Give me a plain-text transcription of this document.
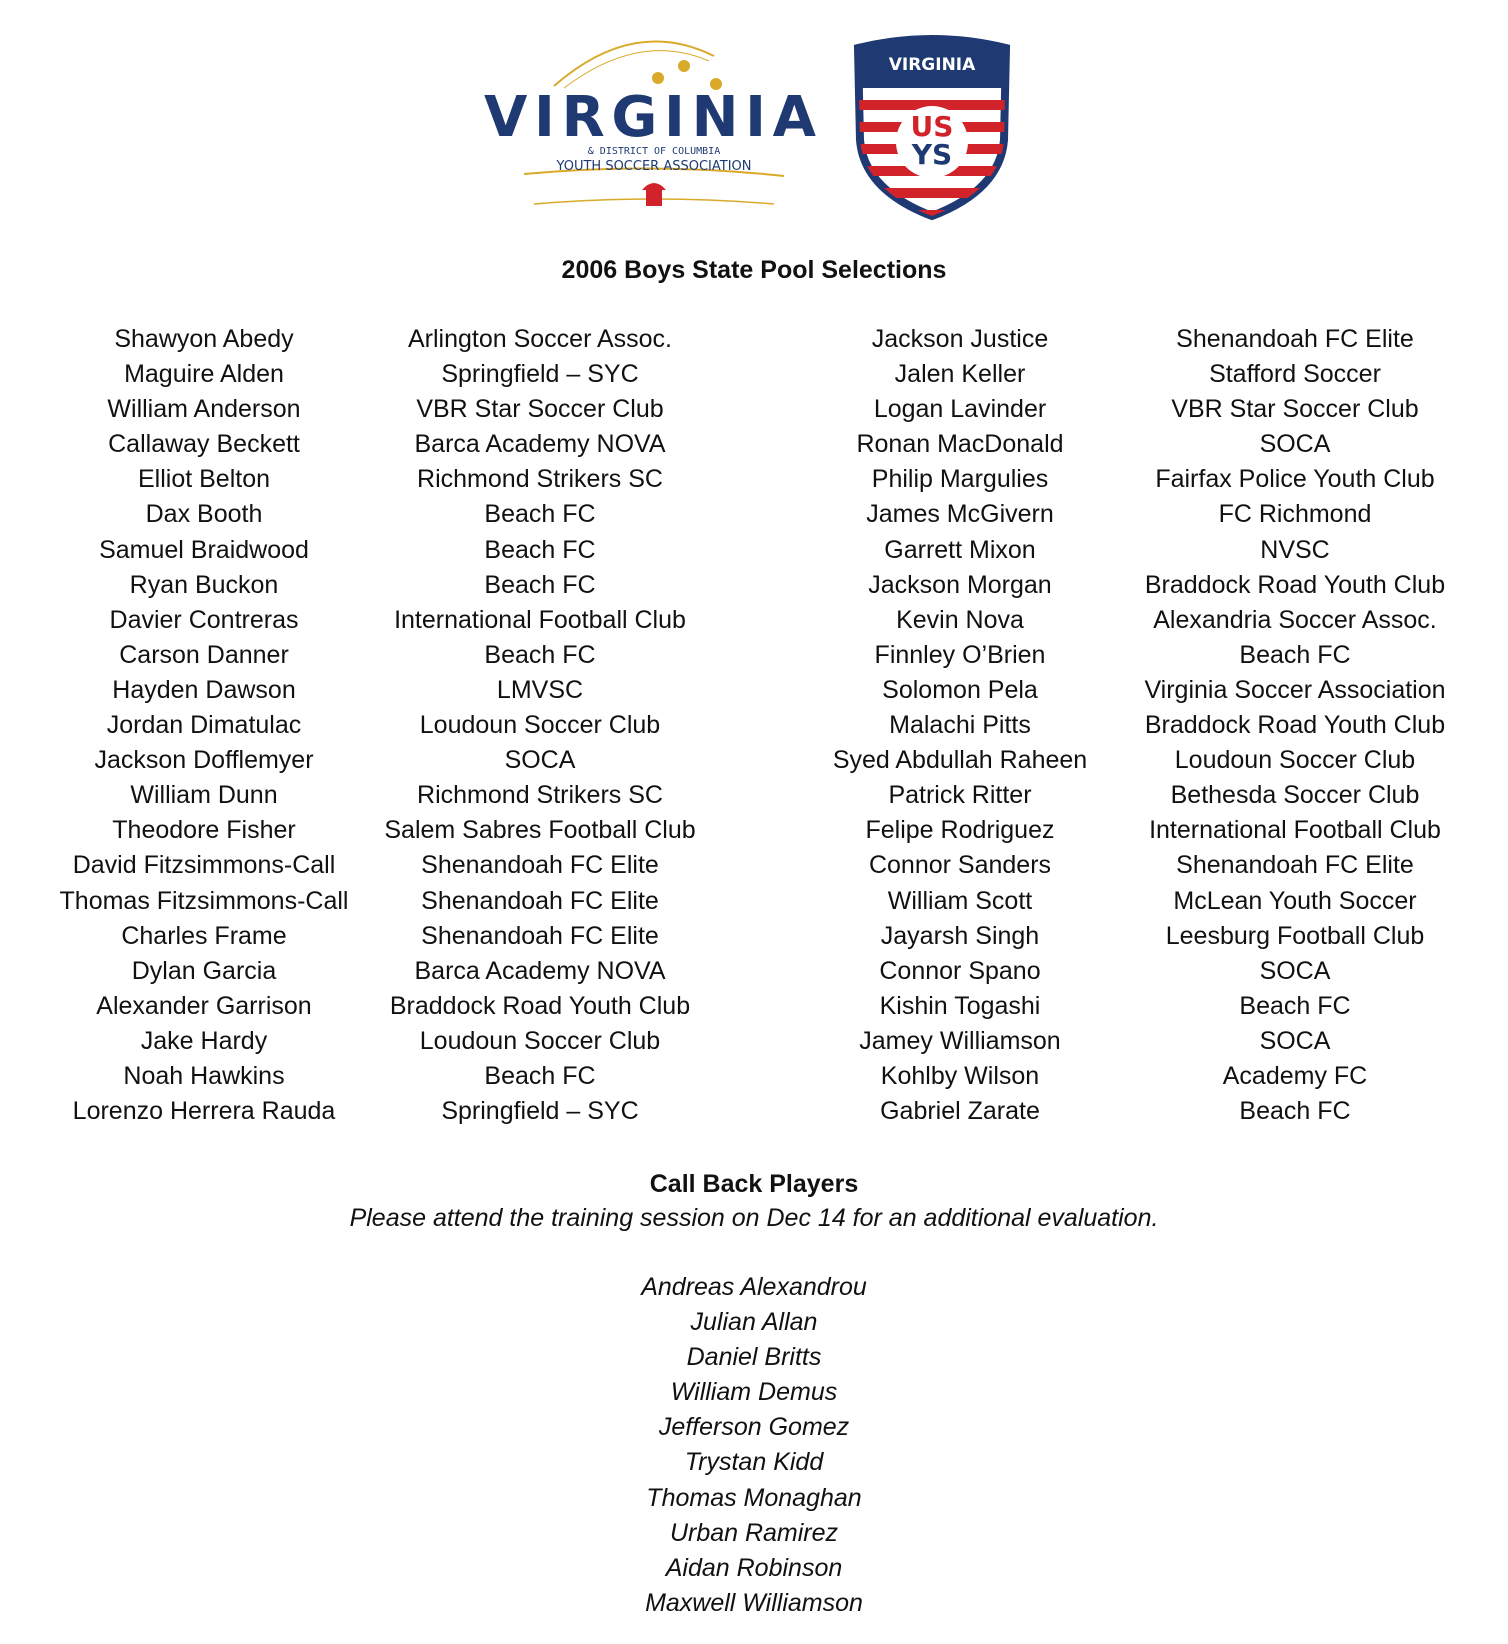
VIRGINIA
& DISTRICT OF COLUMBIA
YOUTH SOCCER ASSOCIATION
VIRGINIA
US
YS
2006 Boys State Pool Selections
Shawyon Abedy	Arlington Soccer Assoc.	Jackson Justice	Shenandoah FC Elite
Maguire Alden	Springfield – SYC	Jalen Keller	Stafford Soccer
William Anderson	VBR Star Soccer Club	Logan Lavinder	VBR Star Soccer Club
Callaway Beckett	Barca Academy NOVA	Ronan MacDonald	SOCA
Elliot Belton	Richmond Strikers SC	Philip Margulies	Fairfax Police Youth Club
Dax Booth	Beach FC	James McGivern	FC Richmond
Samuel Braidwood	Beach FC	Garrett Mixon	NVSC
Ryan Buckon	Beach FC	Jackson Morgan	Braddock Road Youth Club
Davier Contreras	International Football Club	Kevin Nova	Alexandria Soccer Assoc.
Carson Danner	Beach FC	Finnley O’Brien	Beach FC
Hayden Dawson	LMVSC	Solomon Pela	Virginia Soccer Association
Jordan Dimatulac	Loudoun Soccer Club	Malachi Pitts	Braddock Road Youth Club
Jackson Dofflemyer	SOCA	Syed Abdullah Raheen	Loudoun Soccer Club
William Dunn	Richmond Strikers SC	Patrick Ritter	Bethesda Soccer Club
Theodore Fisher	Salem Sabres Football Club	Felipe Rodriguez	International Football Club
David Fitzsimmons-Call	Shenandoah FC Elite	Connor Sanders	Shenandoah FC Elite
Thomas Fitzsimmons-Call	Shenandoah FC Elite	William Scott	McLean Youth Soccer
Charles Frame	Shenandoah FC Elite	Jayarsh Singh	Leesburg Football Club
Dylan Garcia	Barca Academy NOVA	Connor Spano	SOCA
Alexander Garrison	Braddock Road Youth Club	Kishin Togashi	Beach FC
Jake Hardy	Loudoun Soccer Club	Jamey Williamson	SOCA
Noah Hawkins	Beach FC	Kohlby Wilson	Academy FC
Lorenzo Herrera Rauda	Springfield – SYC	Gabriel Zarate	Beach FC
Call Back Players
Please attend the training session on Dec 14 for an additional evaluation.
Andreas Alexandrou
Julian Allan
Daniel Britts
William Demus
Jefferson Gomez
Trystan Kidd
Thomas Monaghan
Urban Ramirez
Aidan Robinson
Maxwell Williamson
